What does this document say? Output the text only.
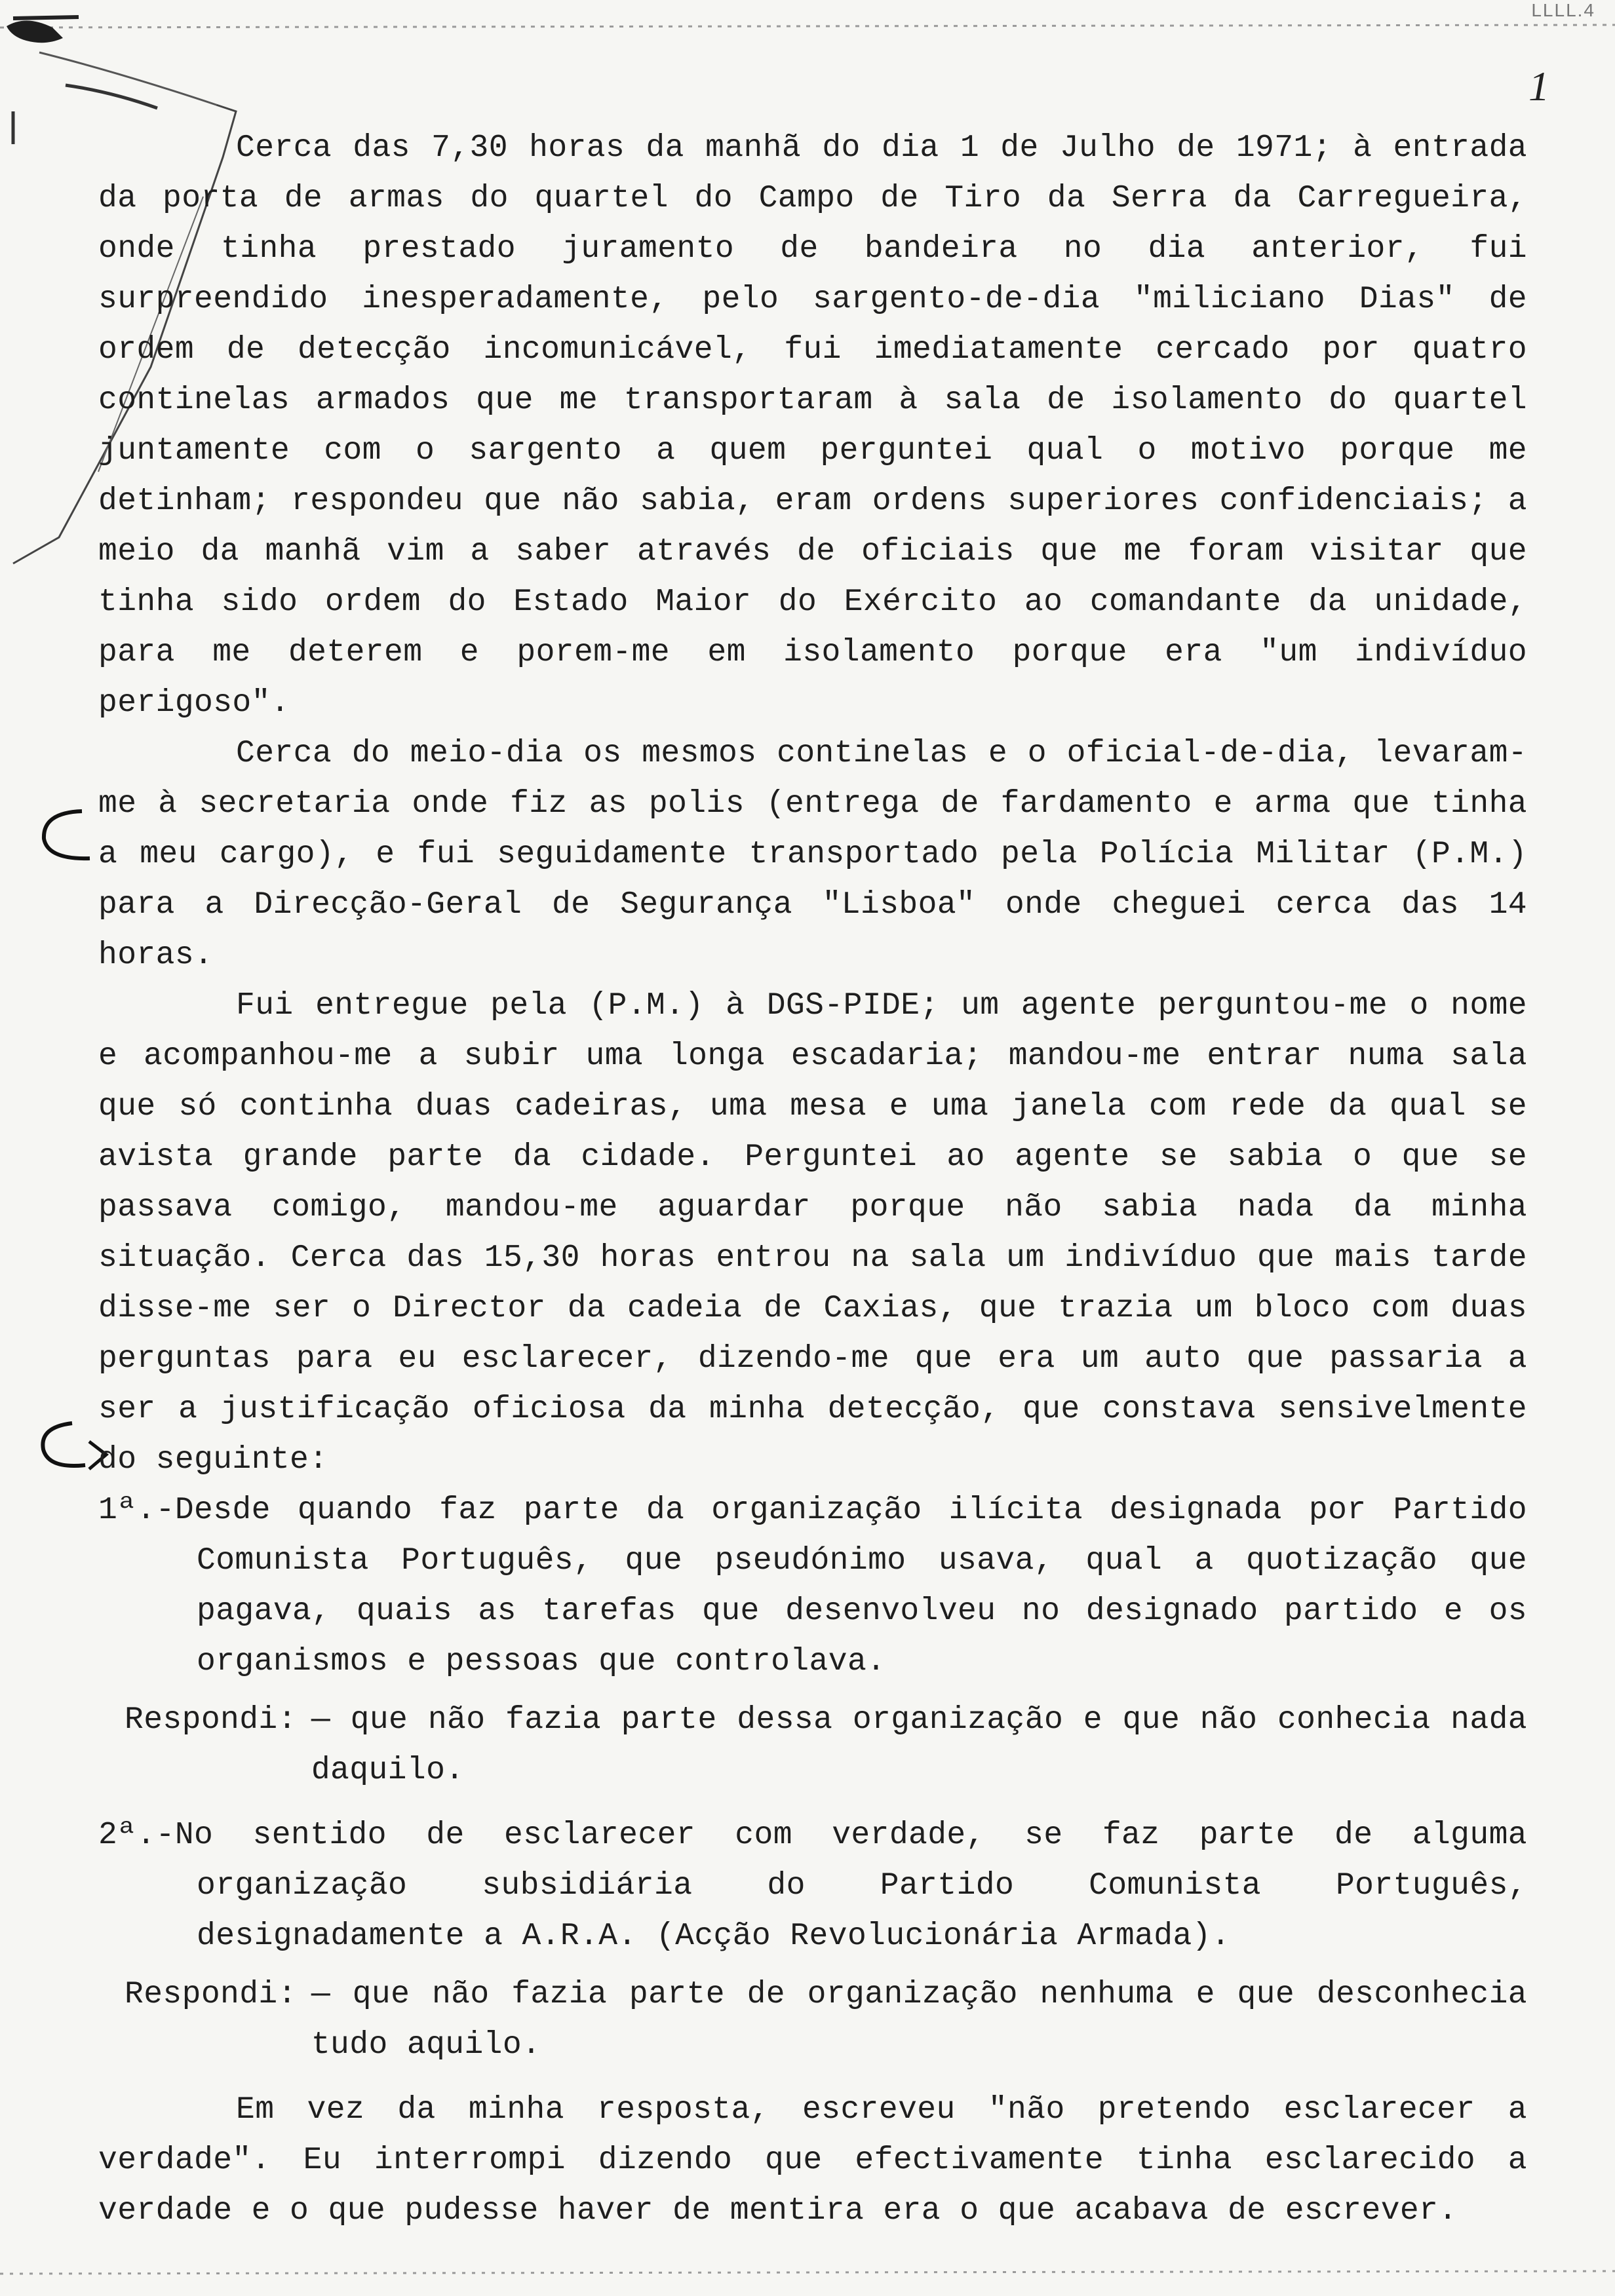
LLLL.4
1

Cerca das 7,30 horas da manhã do dia 1 de Julho de 1971; à entrada da porta de armas do quartel do Campo de Tiro da Serra da Carregueira, onde tinha prestado juramento de bandeira no dia anterior, fui surpreendido inesperadamente, pelo sargento-de-dia "miliciano Dias" de ordem de detecção incomunicável, fui imediatamente cercado por quatro continelas armados que me transportaram à sala de isolamento do quartel juntamente com o sargento a quem perguntei qual o motivo porque me detinham; respondeu que não sabia, eram ordens superiores confidenciais; a meio da manhã vim a saber através de oficiais que me foram visitar que tinha sido ordem do Estado Maior do Exército ao comandante da unidade, para me deterem e porem-me em isolamento porque era "um indivíduo perigoso".

Cerca do meio-dia os mesmos continelas e o oficial-de-dia, levaram-me à secretaria onde fiz as polis (entrega de fardamento e arma que tinha a meu cargo), e fui seguidamente transportado pela Polícia Militar (P.M.) para a Direcção-Geral de Segurança "Lisboa" onde cheguei cerca das 14 horas.

Fui entregue pela (P.M.) à DGS-PIDE; um agente perguntou-me o nome e acompanhou-me a subir uma longa escadaria; mandou-me entrar numa sala que só continha duas cadeiras, uma mesa e uma janela com rede da qual se avista grande parte da cidade. Perguntei ao agente se sabia o que se passava comigo, mandou-me aguardar porque não sabia nada da minha situação. Cerca das 15,30 horas entrou na sala um indivíduo que mais tarde disse-me ser o Director da cadeia de Caxias, que trazia um bloco com duas perguntas para eu esclarecer, dizendo-me que era um auto que passaria a ser a justificação oficiosa da minha detecção, que constava sensivelmente do seguinte:

1ª.-Desde quando faz parte da organização ilícita designada por Partido Comunista Português, que pseudónimo usava, qual a quotização que pagava, quais as tarefas que desenvolveu no designado partido e os organismos e pessoas que controlava.

Respondi: — que não fazia parte dessa organização e que não conhecia nada daquilo.

2ª.-No sentido de esclarecer com verdade, se faz parte de alguma organização subsidiária do Partido Comunista Português, designadamente a A.R.A. (Acção Revolucionária Armada).

Respondi: — que não fazia parte de organização nenhuma e que desconhecia tudo aquilo.

Em vez da minha resposta, escreveu "não pretendo esclarecer a verdade". Eu interrompi dizendo que efectivamente tinha esclarecido a verdade e o que pudesse haver de mentira era o que acabava de escrever.
